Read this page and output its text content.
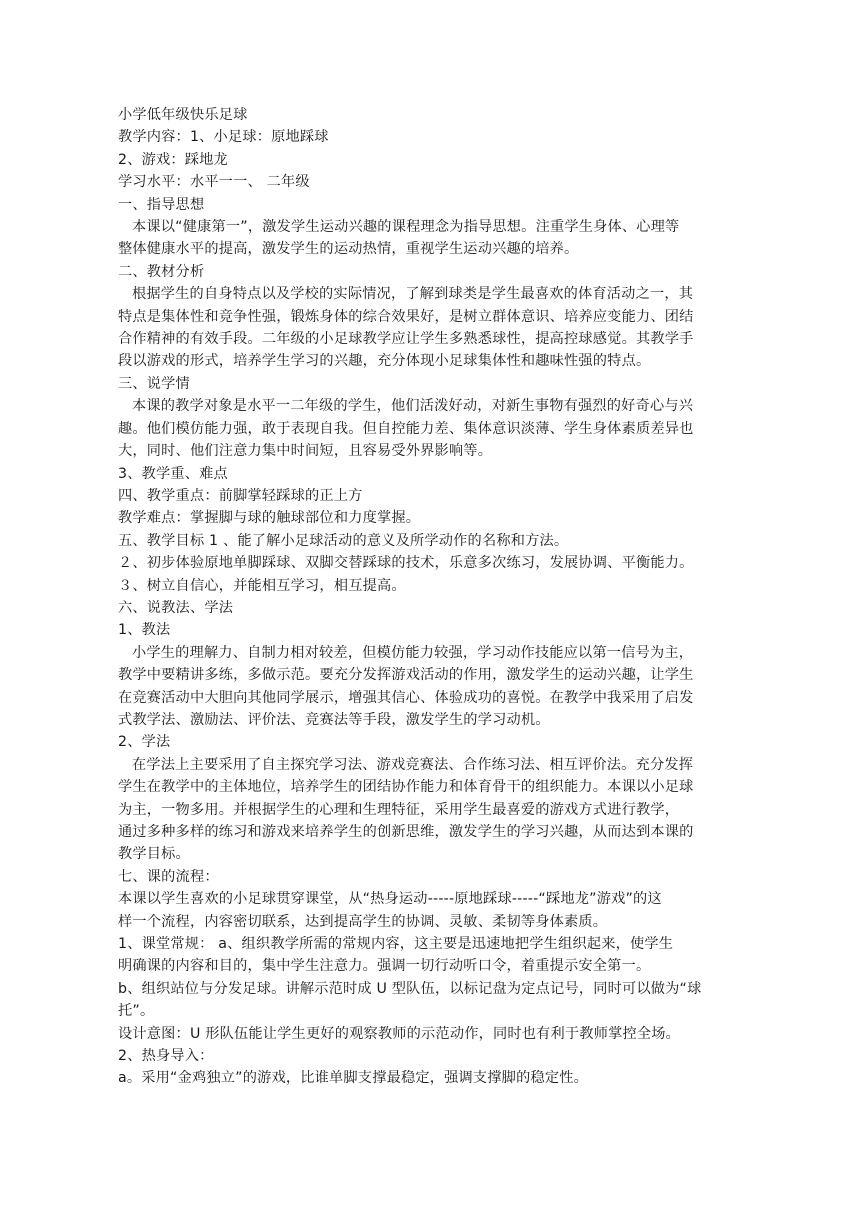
小学低年级快乐足球
教学内容：1、小足球：原地踩球
2、游戏：踩地龙
学习水平：水平一一、 二年级
一、指导思想
本课以“健康第一”，激发学生运动兴趣的课程理念为指导思想。注重学生身体、心理等
整体健康水平的提高，激发学生的运动热情，重视学生运动兴趣的培养。
二、教材分析
根据学生的自身特点以及学校的实际情况，了解到球类是学生最喜欢的体育活动之一，其
特点是集体性和竞争性强，锻炼身体的综合效果好，是树立群体意识、培养应变能力、团结
合作精神的有效手段。二年级的小足球教学应让学生多熟悉球性，提高控球感觉。其教学手
段以游戏的形式，培养学生学习的兴趣，充分体现小足球集体性和趣味性强的特点。
三、说学情
本课的教学对象是水平一二年级的学生，他们活泼好动，对新生事物有强烈的好奇心与兴
趣。他们模仿能力强，敢于表现自我。但自控能力差、集体意识淡薄、学生身体素质差异也
大，同时、他们注意力集中时间短，且容易受外界影响等。
3、教学重、难点
四、教学重点：前脚掌轻踩球的正上方
教学难点：掌握脚与球的触球部位和力度掌握。
五、教学目标 1 、能了解小足球活动的意义及所学动作的名称和方法。
２、初步体验原地单脚踩球、双脚交替踩球的技术，乐意多次练习，发展协调、平衡能力。
３、树立自信心，并能相互学习，相互提高。
六、说教法、学法
1、教法
小学生的理解力、自制力相对较差，但模仿能力较强，学习动作技能应以第一信号为主，
教学中要精讲多练，多做示范。要充分发挥游戏活动的作用，激发学生的运动兴趣，让学生
在竞赛活动中大胆向其他同学展示，增强其信心、体验成功的喜悦。在教学中我采用了启发
式教学法、激励法、评价法、竞赛法等手段，激发学生的学习动机。
2、学法
在学法上主要采用了自主探究学习法、游戏竞赛法、合作练习法、相互评价法。充分发挥
学生在教学中的主体地位，培养学生的团结协作能力和体育骨干的组织能力。本课以小足球
为主，一物多用。并根据学生的心理和生理特征，采用学生最喜爱的游戏方式进行教学，
通过多种多样的练习和游戏来培养学生的创新思维，激发学生的学习兴趣，从而达到本课的
教学目标。
七、课的流程：
本课以学生喜欢的小足球贯穿课堂，从“热身运动-----原地踩球-----“踩地龙”游戏”的这
样一个流程，内容密切联系，达到提高学生的协调、灵敏、柔韧等身体素质。
1、课堂常规： a、组织教学所需的常规内容，这主要是迅速地把学生组织起来，使学生
明确课的内容和目的，集中学生注意力。强调一切行动听口令，着重提示安全第一。
b、组织站位与分发足球。讲解示范时成 U 型队伍，以标记盘为定点记号，同时可以做为“球
托”。
设计意图：U 形队伍能让学生更好的观察教师的示范动作，同时也有利于教师掌控全场。
2、热身导入：
a。采用“金鸡独立”的游戏，比谁单脚支撑最稳定，强调支撑脚的稳定性。
